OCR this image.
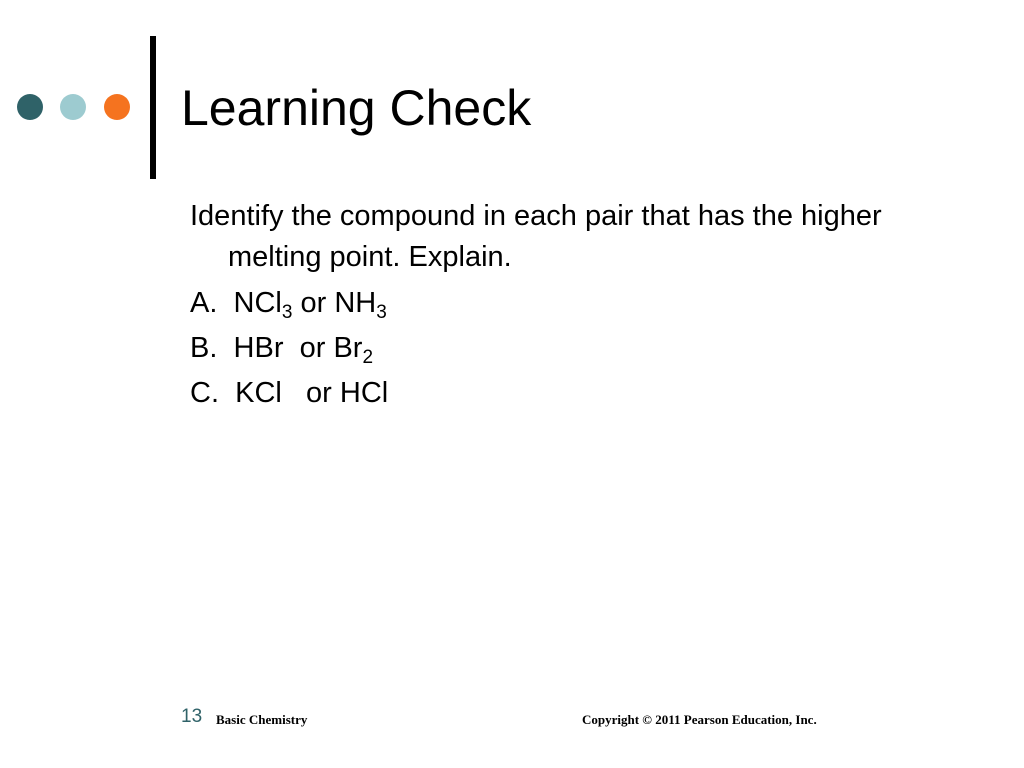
Learning Check

Identify the compound in each pair that has the higher melting point. Explain.

A. NCl$_3$ or $NH_3$
B. HBr  or $Br_2$
C. KCl   or HCl
13 Basic Chemistry	Copyright © 2011 Pearson Education, Inc.
